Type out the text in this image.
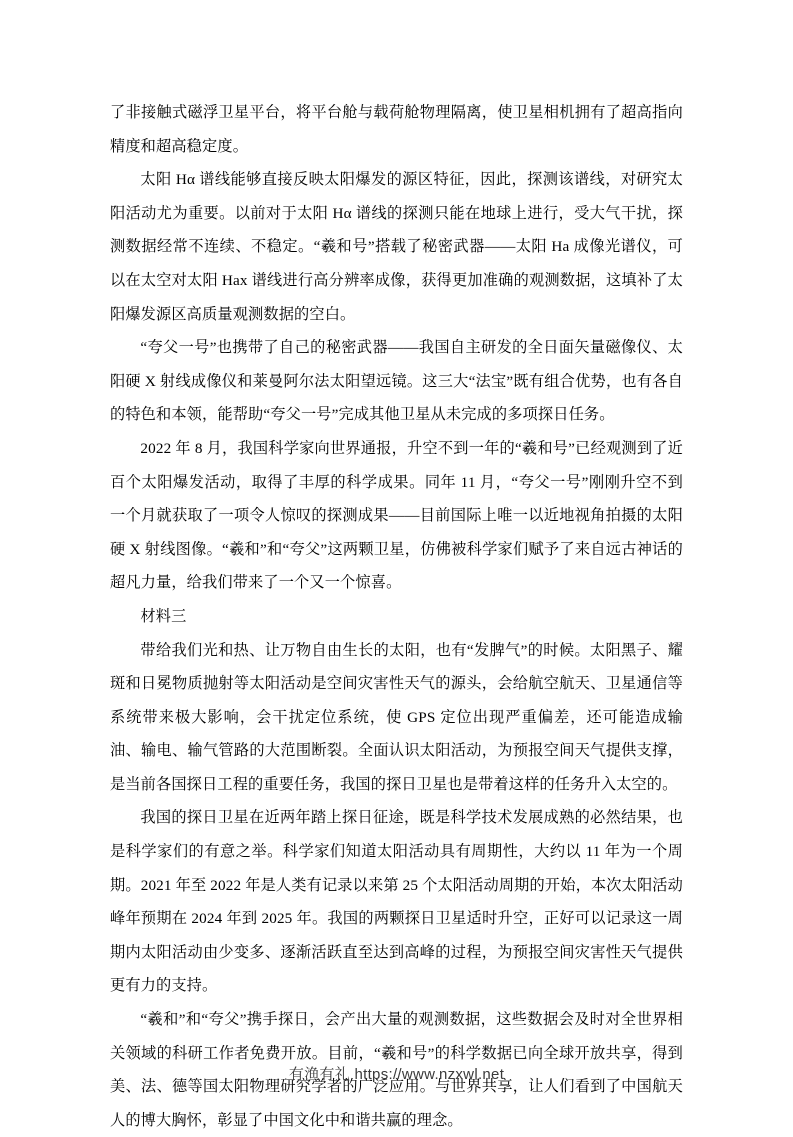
了非接触式磁浮卫星平台，将平台舱与载荷舱物理隔离，使卫星相机拥有了超高指向精度和超高稳定度。

太阳 Hα 谱线能够直接反映太阳爆发的源区特征，因此，探测该谱线，对研究太阳活动尤为重要。以前对于太阳 Hα 谱线的探测只能在地球上进行，受大气干扰，探测数据经常不连续、不稳定。“羲和号”搭载了秘密武器——太阳 Ha 成像光谱仪，可以在太空对太阳 Hax 谱线进行高分辨率成像，获得更加准确的观测数据，这填补了太阳爆发源区高质量观测数据的空白。

“夸父一号”也携带了自己的秘密武器——我国自主研发的全日面矢量磁像仪、太阳硬 X 射线成像仪和莱曼阿尔法太阳望远镜。这三大“法宝”既有组合优势，也有各自的特色和本领，能帮助“夸父一号”完成其他卫星从未完成的多项探日任务。

2022 年 8 月，我国科学家向世界通报，升空不到一年的“羲和号”已经观测到了近百个太阳爆发活动，取得了丰厚的科学成果。同年 11 月，“夸父一号”刚刚升空不到一个月就获取了一项令人惊叹的探测成果——目前国际上唯一以近地视角拍摄的太阳硬 X 射线图像。“羲和”和“夸父”这两颗卫星，仿佛被科学家们赋予了来自远古神话的超凡力量，给我们带来了一个又一个惊喜。

材料三

带给我们光和热、让万物自由生长的太阳，也有“发脾气”的时候。太阳黑子、耀斑和日冕物质抛射等太阳活动是空间灾害性天气的源头，会给航空航天、卫星通信等系统带来极大影响，会干扰定位系统，使 GPS 定位出现严重偏差，还可能造成输油、输电、输气管路的大范围断裂。全面认识太阳活动，为预报空间天气提供支撑，是当前各国探日工程的重要任务，我国的探日卫星也是带着这样的任务升入太空的。

我国的探日卫星在近两年踏上探日征途，既是科学技术发展成熟的必然结果，也是科学家们的有意之举。科学家们知道太阳活动具有周期性，大约以 11 年为一个周期。2021 年至 2022 年是人类有记录以来第 25 个太阳活动周期的开始，本次太阳活动峰年预期在 2024 年到 2025 年。我国的两颗探日卫星适时升空，正好可以记录这一周期内太阳活动由少变多、逐渐活跃直至达到高峰的过程，为预报空间灾害性天气提供更有力的支持。

“羲和”和“夸父”携手探日，会产出大量的观测数据，这些数据会及时对全世界相关领域的科研工作者免费开放。目前，“羲和号”的科学数据已向全球开放共享，得到美、法、德等国太阳物理研究学者的广泛应用。与世界共享，让人们看到了中国航天人的博大胸怀，彰显了中国文化中和谐共赢的理念。

有渔有礼 https://www.nzxwl.net
